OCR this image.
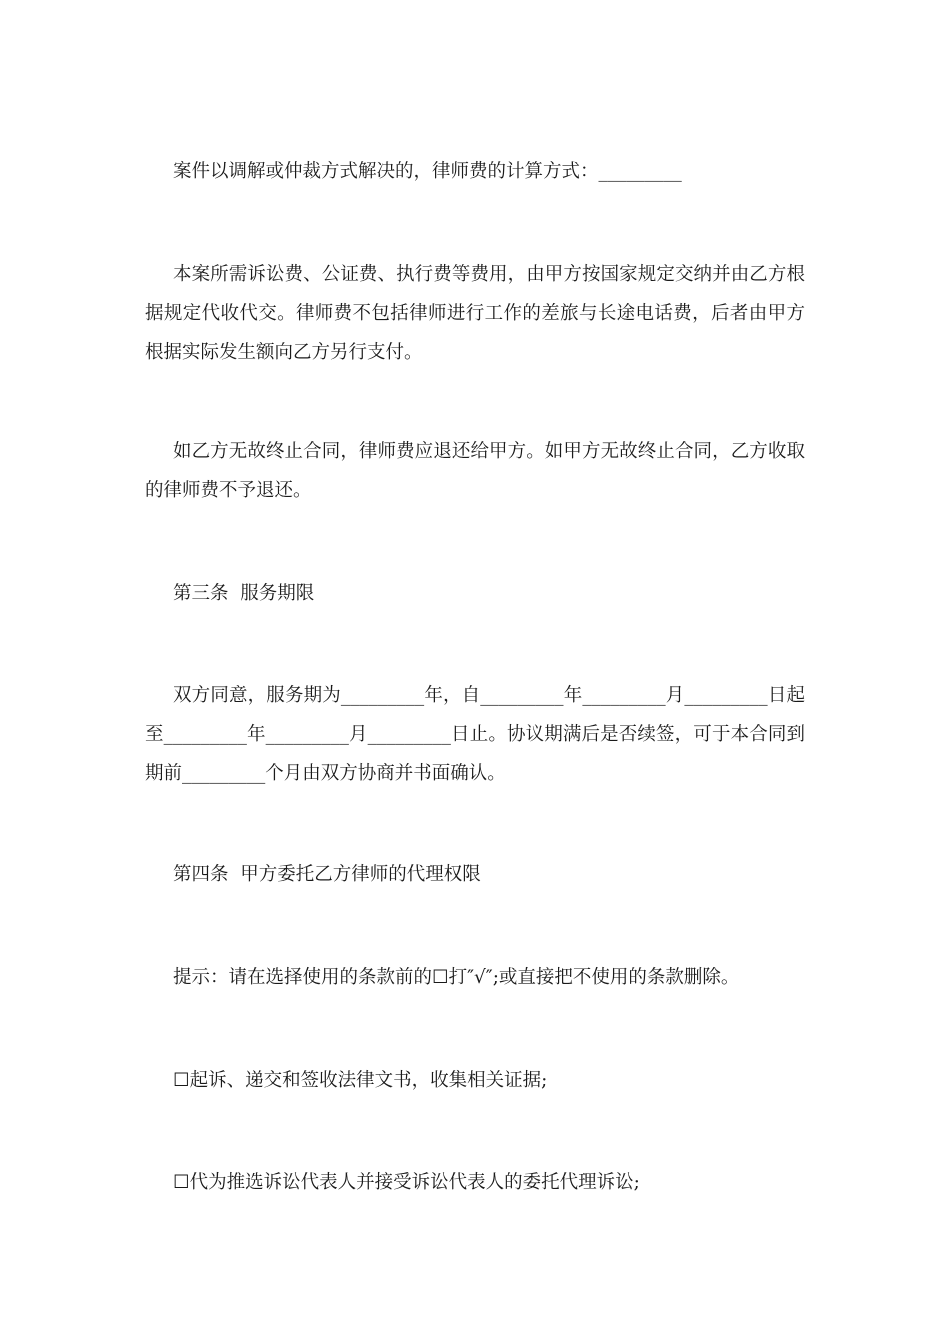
案件以调解或仲裁方式解决的，律师费的计算方式：_________

本案所需诉讼费、公证费、执行费等费用，由甲方按国家规定交纳并由乙方根据规定代收代交。律师费不包括律师进行工作的差旅与长途电话费，后者由甲方根据实际发生额向乙方另行支付。

如乙方无故终止合同，律师费应退还给甲方。如甲方无故终止合同，乙方收取的律师费不予退还。

第三条  服务期限

双方同意，服务期为_________年，自_________年_________月_________日起至_________年_________月_________日止。协议期满后是否续签，可于本合同到期前_________个月由双方协商并书面确认。

第四条  甲方委托乙方律师的代理权限

提示：请在选择使用的条款前的☐打″√″;或直接把不使用的条款删除。

☐起诉、递交和签收法律文书，收集相关证据;

☐代为推选诉讼代表人并接受诉讼代表人的委托代理诉讼;
